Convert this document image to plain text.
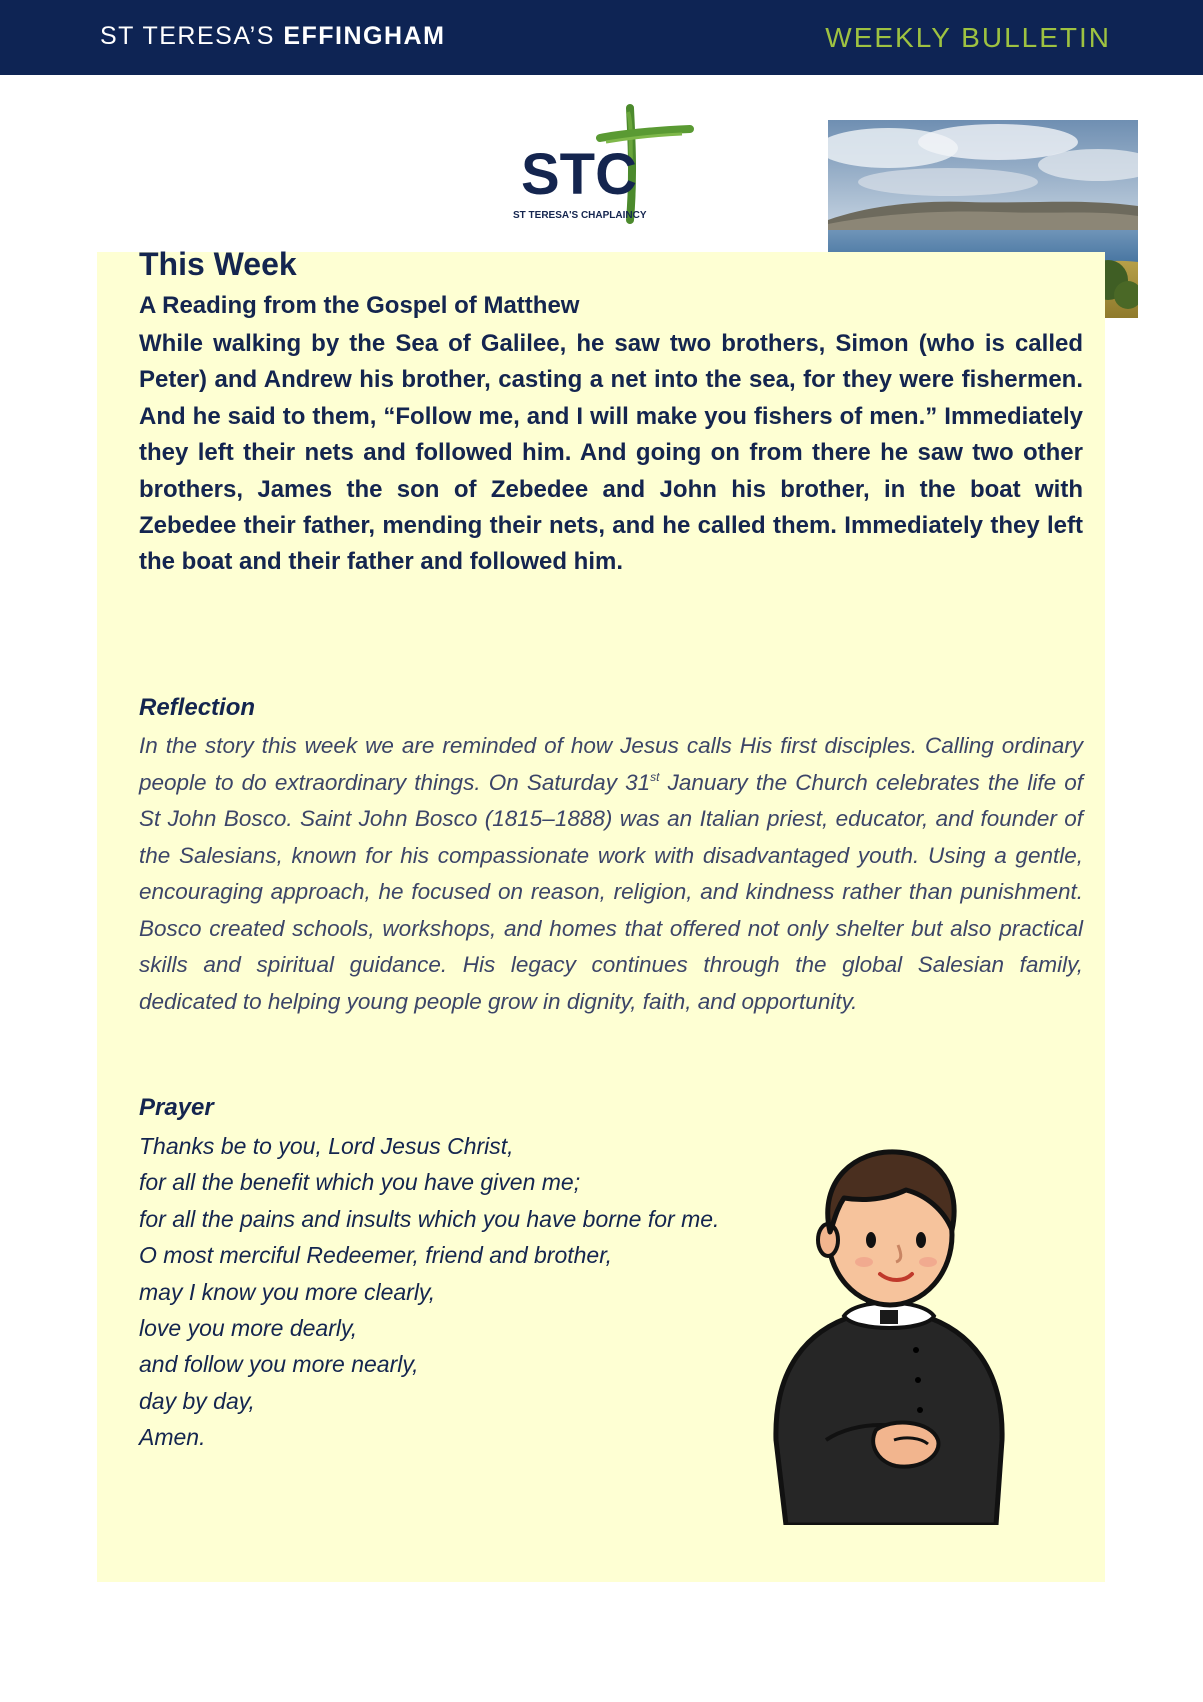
ST TERESA’S EFFINGHAM	WEEKLY BULLETIN
STC
ST TERESA'S CHAPLAINCY
This Week
A Reading from the Gospel of Matthew

While walking by the Sea of Galilee, he saw two brothers, Simon (who is called Peter) and Andrew his brother, casting a net into the sea, for they were fishermen. And he said to them, “Follow me, and I will make you fishers of men.” Immediately they left their nets and followed him. And going on from there he saw two other brothers, James the son of Zebedee and John his brother, in the boat with Zebedee their father, mending their nets, and he called them. Immediately they left the boat and their father and followed him.

Reflection

In the story this week we are reminded of how Jesus calls His first disciples. Calling ordinary people to do extraordinary things. On Saturday 31st January the Church celebrates the life of St John Bosco. Saint John Bosco (1815–1888) was an Italian priest, educator, and founder of the Salesians, known for his compassionate work with disadvantaged youth. Using a gentle, encouraging approach, he focused on reason, religion, and kindness rather than punishment. Bosco created schools, workshops, and homes that offered not only shelter but also practical skills and spiritual guidance. His legacy continues through the global Salesian family, dedicated to helping young people grow in dignity, faith, and opportunity.

Prayer
Thanks be to you, Lord Jesus Christ,
for all the benefit which you have given me;
for all the pains and insults which you have borne for me.
O most merciful Redeemer, friend and brother,
may I know you more clearly,
love you more dearly,
and follow you more nearly,
day by day,
Amen.
